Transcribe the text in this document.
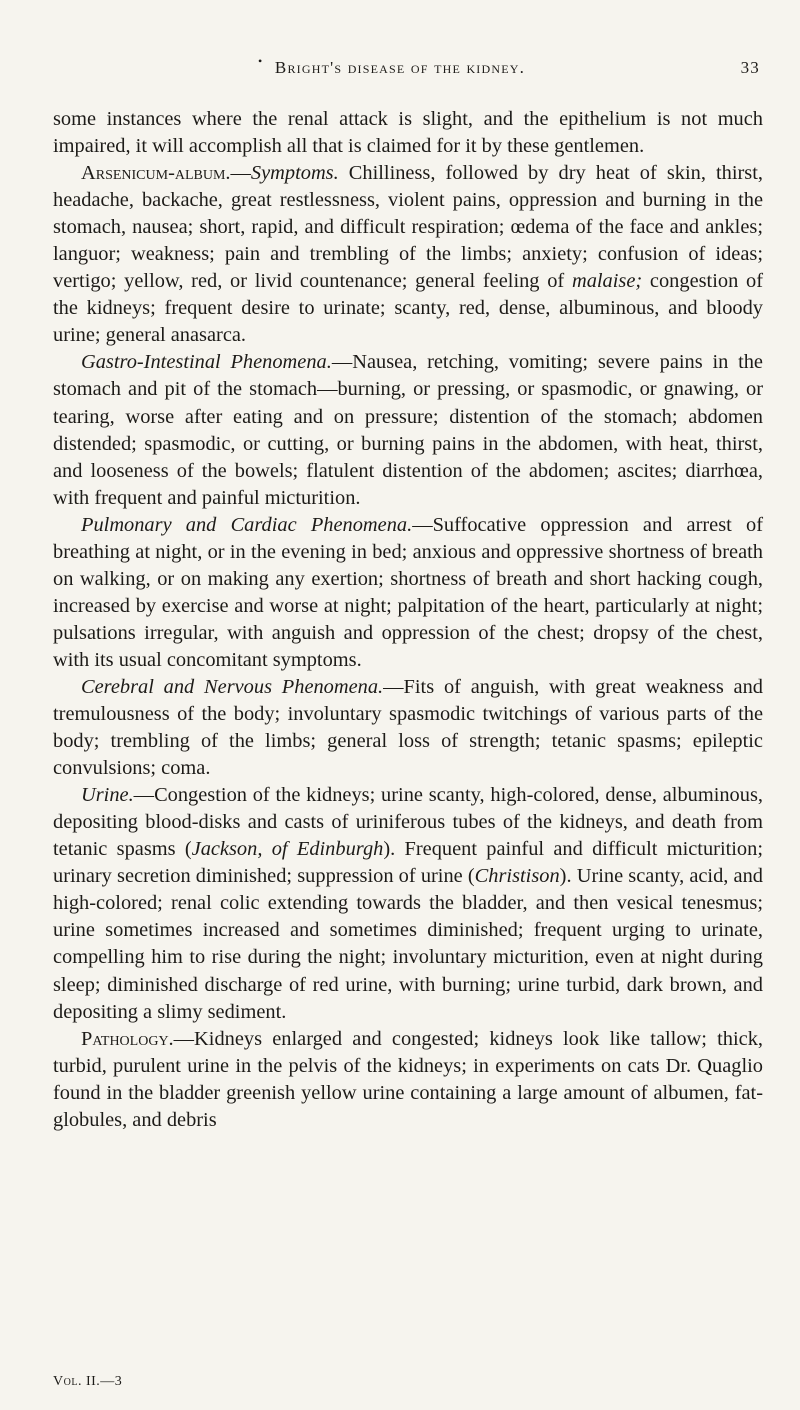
• Bright's disease of the kidney.	33

some instances where the renal attack is slight, and the epithelium is not much impaired, it will accomplish all that is claimed for it by these gentlemen.

Arsenicum-album.—Symptoms. Chilliness, followed by dry heat of skin, thirst, headache, backache, great restlessness, violent pains, oppression and burning in the stomach, nausea; short, rapid, and difficult respiration; œdema of the face and ankles; languor; weakness; pain and trembling of the limbs; anxiety; confusion of ideas; vertigo; yellow, red, or livid countenance; general feeling of malaise; congestion of the kidneys; frequent desire to urinate; scanty, red, dense, albuminous, and bloody urine; general anasarca.

Gastro-Intestinal Phenomena.—Nausea, retching, vomiting; severe pains in the stomach and pit of the stomach—burning, or pressing, or spasmodic, or gnawing, or tearing, worse after eating and on pressure; distention of the stomach; abdomen distended; spasmodic, or cutting, or burning pains in the abdomen, with heat, thirst, and looseness of the bowels; flatulent distention of the abdomen; ascites; diarrhœa, with frequent and painful micturition.

Pulmonary and Cardiac Phenomena.—Suffocative oppression and arrest of breathing at night, or in the evening in bed; anxious and oppressive shortness of breath on walking, or on making any exertion; shortness of breath and short hacking cough, increased by exercise and worse at night; palpitation of the heart, particularly at night; pulsations irregular, with anguish and oppression of the chest; dropsy of the chest, with its usual concomitant symptoms.

Cerebral and Nervous Phenomena.—Fits of anguish, with great weakness and tremulousness of the body; involuntary spasmodic twitchings of various parts of the body; trembling of the limbs; general loss of strength; tetanic spasms; epileptic convulsions; coma.

Urine.—Congestion of the kidneys; urine scanty, high-colored, dense, albuminous, depositing blood-disks and casts of uriniferous tubes of the kidneys, and death from tetanic spasms (Jackson, of Edinburgh). Frequent painful and difficult micturition; urinary secretion diminished; suppression of urine (Christison). Urine scanty, acid, and high-colored; renal colic extending towards the bladder, and then vesical tenesmus; urine sometimes increased and sometimes diminished; frequent urging to urinate, compelling him to rise during the night; involuntary micturition, even at night during sleep; diminished discharge of red urine, with burning; urine turbid, dark brown, and depositing a slimy sediment.

Pathology.—Kidneys enlarged and congested; kidneys look like tallow; thick, turbid, purulent urine in the pelvis of the kidneys; in experiments on cats Dr. Quaglio found in the bladder greenish yellow urine containing a large amount of albumen, fat-globules, and debris

Vol. II.—3
